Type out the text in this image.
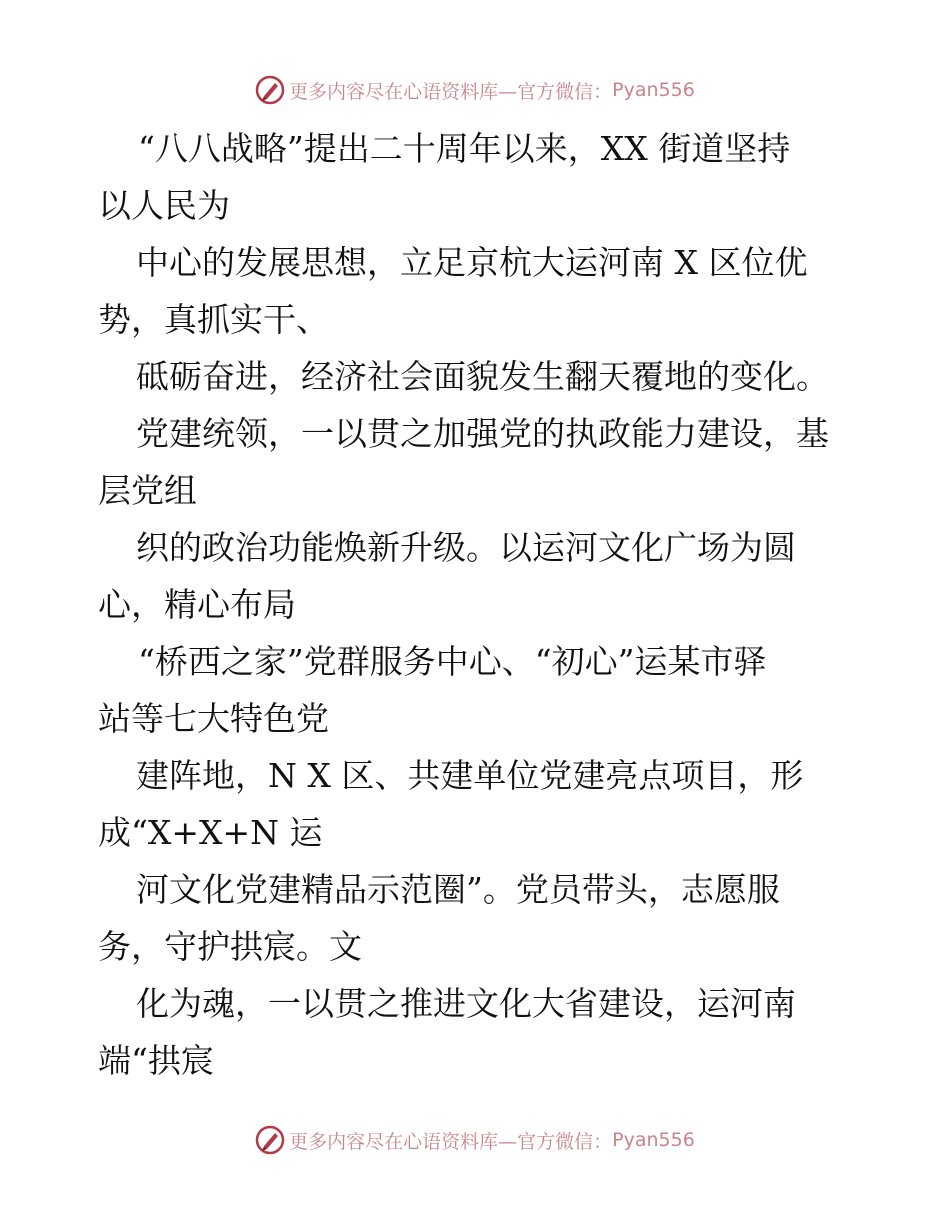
更多内容尽在心语资料库—官方微信： Pyan556
“八八战略”提出二十周年以来，XX 街道坚持
以人民为
中心的发展思想，立足京杭大运河南 X 区位优
势，真抓实干、
砥砺奋进，经济社会面貌发生翻天覆地的变化。
党建统领，一以贯之加强党的执政能力建设，基
层党组
织的政治功能焕新升级。以运河文化广场为圆
心，精心布局
“桥西之家”党群服务中心、“初心”运某市驿
站等七大特色党
建阵地，N X 区、共建单位党建亮点项目，形
成“X+X+N 运
河文化党建精品示范圈”。党员带头，志愿服
务，守护拱宸。文
化为魂，一以贯之推进文化大省建设，运河南
端“拱宸
更多内容尽在心语资料库—官方微信： Pyan556
